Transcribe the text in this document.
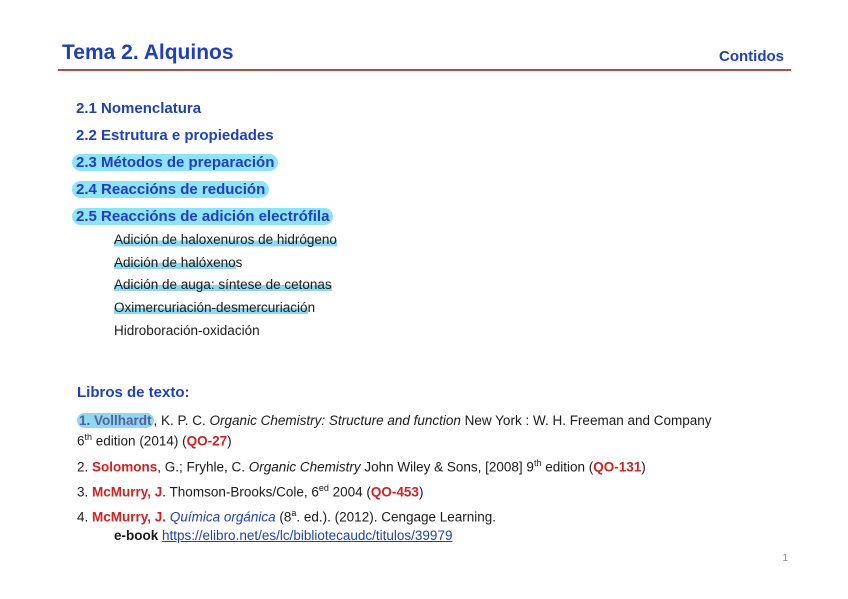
Tema 2. Alquinos	Contidos
2.1 Nomenclatura
2.2 Estrutura e propiedades
2.3 Métodos de preparación
2.4 Reaccións de redución
2.5 Reaccións de adición electrófila
Adición de haloxenuros de hidrógeno
Adición de halóxenos
Adición de auga: síntese de cetonas
Oximercuriación-desmercuriación
Hidroboración-oxidación
Libros de texto:
1. Vollhardt , K. P. C. Organic Chemistry: Structure and function New York : W. H. Freeman and Company
6th edition (2014) (QO-27)
2. Solomons, G.; Fryhle, C. Organic Chemistry John Wiley & Sons, [2008] 9th edition (QO-131)
3. McMurry, J. Thomson-Brooks/Cole, $6^{ed}$ 2004 (QO-453)
4. McMurry, J. Química orgánica (8$^a$. ed.). (2012). Cengage Learning.
e-book https://elibro.net/es/lc/bibliotecaudc/titulos/39979
1
